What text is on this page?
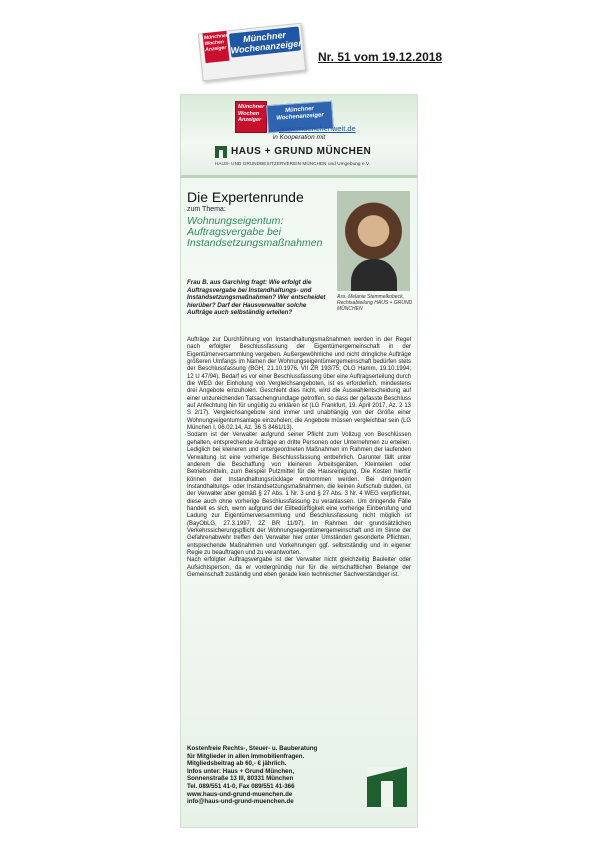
Münchner Wochen Anzeiger
Münchner Wochenanzeiger
Nr. 51 vom 19.12.2018
Münchner Wochen Anzeiger
Münchner Wochenanzeiger
www.muenchenweit.de
in Kooperation mit
HAUS + GRUND MÜNCHEN
HAUS- UND GRUNDBESITZERVEREIN MÜNCHEN und Umgebung e.V.
Die Expertenrunde
zum Thema:
Wohnungseigentum: Auftragsvergabe bei Instandsetzungsmaßnahmen
Ass. Melanie Stemmelkobeck, Rechtsabteilung HAUS + GRUND MÜNCHEN
Frau B. aus Garching fragt: Wie erfolgt die Auftragsvergabe bei Instandhaltungs- und Instandsetzungsmaßnahmen? Wer entscheidet hierüber? Darf der Hausverwalter solche Aufträge auch selbständig erteilen?

Aufträge zur Durchführung von Instandhaltungsmaßnahmen werden in der Regel nach erfolgter Beschlussfassung der Eigentümergemeinschaft in der Eigentümerversammlung vergeben. Außergewöhnliche und nicht dringliche Aufträge größeren Umfangs im Namen der Wohnungseigentümergemeinschaft bedürfen stets der Beschlussfassung (BGH, 21.10.1976, VII ZR 193/75; OLG Hamm, 19.10.1994; 12 U 47/94). Bedarf es vor einer Beschlussfassung über eine Auftragserteilung durch die WEG der Einholung von Vergleichsangeboten, ist es erforderlich, mindestens drei Angebote einzuholen. Geschieht dies nicht, wird die Auswahlentscheidung auf einer unzureichenden Tatsachengrundlage getroffen, so dass der gefasste Beschluss auf Anfechtung hin für ungültig zu erklären ist (LG Frankfurt, 19. April 2017, Az. 2 13 S 2/17). Vergleichsangebote sind immer und unabhängig von der Größe einer Wohnungseigentumsanlage einzuholen; die Angebote müssen vergleichbar sein (LG München I, 06.02.14, Az. 36 S 8461/13).

Sodann ist der Verwalter aufgrund seiner Pflicht zum Vollzug von Beschlüssen gehalten, entsprechende Aufträge an dritte Personen oder Unternehmen zu erteilen. Lediglich bei kleineren und untergeordneten Maßnahmen im Rahmen der laufenden Verwaltung ist eine vorherige Beschlussfassung entbehrlich. Darunter fällt unter anderem die Beschaffung von kleineren Arbeitsgeräten, Kleinteilen oder Betriebsmitteln, zum Beispiel Putzmittel für die Hausreinigung. Die Kosten hierfür können der Instandhaltungsrücklage entnommen werden. Bei dringenden Instandhaltungs- oder Instandsetzungsmaßnahmen, die keinen Aufschub dulden, ist der Verwalter aber gemäß § 27 Abs. 1 Nr. 3 und § 27 Abs. 3 Nr. 4 WEG verpflichtet, diese auch ohne vorherige Beschlussfassung zu veranlassen. Um dringende Fälle handelt es sich, wenn aufgrund der Eilbedürftigkeit eine vorherige Einberufung und Ladung zur Eigentümerversammlung und Beschlussfassung nicht möglich ist (BayObLG, 27.3.1997, 2Z BR 11/97). Im Rahmen der grundsätzlichen Verkehrssicherungspflicht der Wohnungseigentümergemeinschaft und im Sinne der Gefahrenabwehr treffen den Verwalter hier unter Umständen gesonderte Pflichten, entsprechende Maßnahmen und Vorkehrungen ggf. selbstständig und in eigener Regie zu beauftragen und zu verantworten.

Nach erfolgter Auftragsvergabe ist der Verwalter nicht gleichzeitig Bauleiter oder Aufsichtsperson, da er vordergründig nur für die wirtschaftlichen Belange der Gemeinschaft zuständig und eben gerade kein technischer Sachverständiger ist.

Kostenfreie Rechts-, Steuer- u. Bauberatung
für Mitglieder in allen Immobilienfragen.
Mitgliedsbeitrag ab 60,- € jährlich.
Infos unter: Haus + Grund München,
Sonnenstraße 13 III, 80331 München
Tel. 089/551 41-0, Fax 089/551 41-366
www.haus-und-grund-muenchen.de
info@haus-und-grund-muenchen.de
